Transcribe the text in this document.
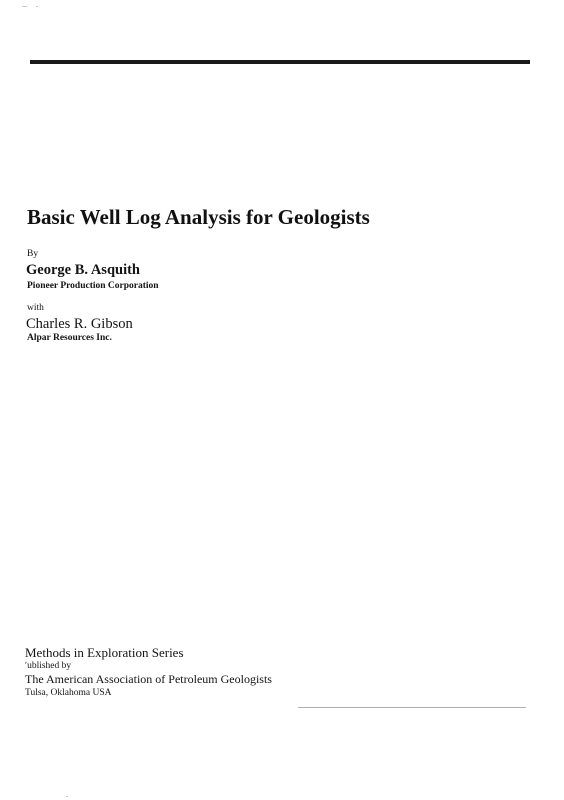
Basic Well Log Analysis for Geologists
By
George B. Asquith
Pioneer Production Corporation
with
Charles R. Gibson
Alpar Resources Inc.
Methods in Exploration Series
ʹublished by
The American Association of Petroleum Geologists
Tulsa, Oklahoma USA
